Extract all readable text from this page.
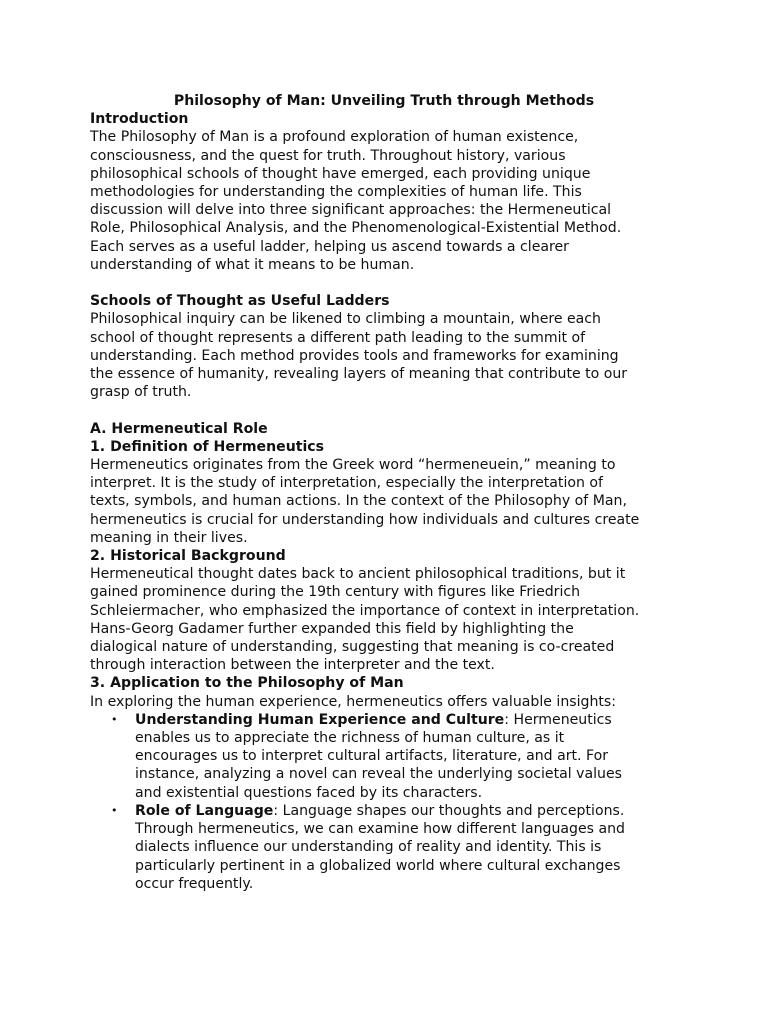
Philosophy of Man: Unveiling Truth through Methods
Introduction

The Philosophy of Man is a profound exploration of human existence,

consciousness, and the quest for truth. Throughout history, various

philosophical schools of thought have emerged, each providing unique

methodologies for understanding the complexities of human life. This

discussion will delve into three significant approaches: the Hermeneutical

Role, Philosophical Analysis, and the Phenomenological-Existential Method.

Each serves as a useful ladder, helping us ascend towards a clearer

understanding of what it means to be human.

Schools of Thought as Useful Ladders

Philosophical inquiry can be likened to climbing a mountain, where each

school of thought represents a different path leading to the summit of

understanding. Each method provides tools and frameworks for examining

the essence of humanity, revealing layers of meaning that contribute to our

grasp of truth.

A. Hermeneutical Role
1. Definition of Hermeneutics

Hermeneutics originates from the Greek word “hermeneuein,” meaning to

interpret. It is the study of interpretation, especially the interpretation of

texts, symbols, and human actions. In the context of the Philosophy of Man,

hermeneutics is crucial for understanding how individuals and cultures create

meaning in their lives.

2. Historical Background

Hermeneutical thought dates back to ancient philosophical traditions, but it

gained prominence during the 19th century with figures like Friedrich

Schleiermacher, who emphasized the importance of context in interpretation.

Hans-Georg Gadamer further expanded this field by highlighting the

dialogical nature of understanding, suggesting that meaning is co-created

through interaction between the interpreter and the text.

3. Application to the Philosophy of Man

In exploring the human experience, hermeneutics offers valuable insights:

• Understanding Human Experience and Culture: Hermeneutics

enables us to appreciate the richness of human culture, as it

encourages us to interpret cultural artifacts, literature, and art. For

instance, analyzing a novel can reveal the underlying societal values

and existential questions faced by its characters.

• Role of Language: Language shapes our thoughts and perceptions.

Through hermeneutics, we can examine how different languages and

dialects influence our understanding of reality and identity. This is

particularly pertinent in a globalized world where cultural exchanges

occur frequently.
